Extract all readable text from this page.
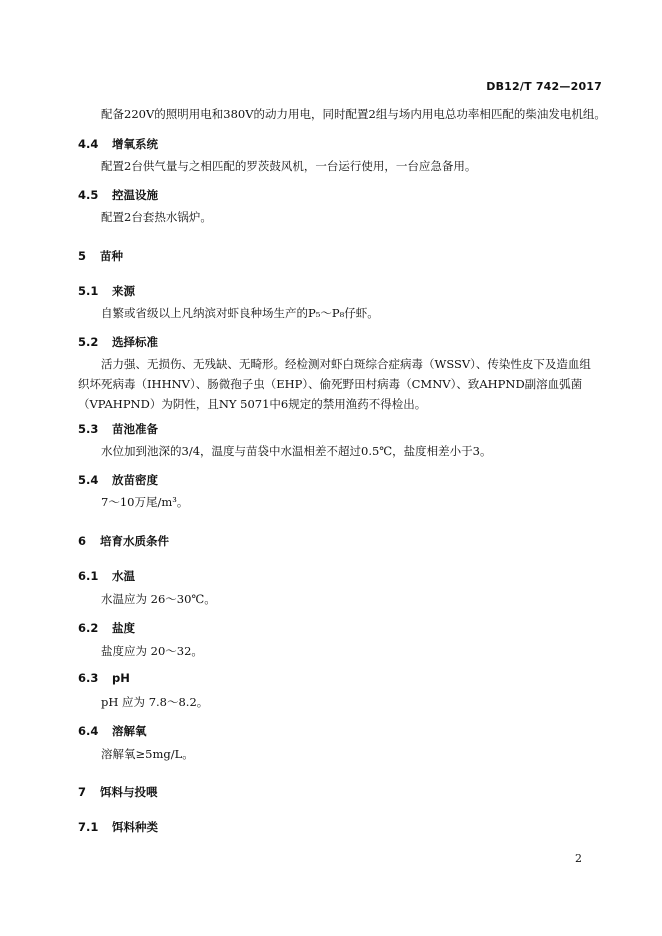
DB12/T 742—2017
配备220V的照明用电和380V的动力用电，同时配置2组与场内用电总功率相匹配的柴油发电机组。
4.4 增氧系统
配置2台供气量与之相匹配的罗茨鼓风机，一台运行使用，一台应急备用。
4.5 控温设施
配置2台套热水锅炉。
5 苗种
5.1 来源
自繁或省级以上凡纳滨对虾良种场生产的P₅～P₈仔虾。
5.2 选择标准
活力强、无损伤、无残缺、无畸形。经检测对虾白斑综合症病毒（WSSV）、传染性皮下及造血组织坏死病毒（IHHNV）、肠微孢子虫（EHP）、偷死野田村病毒（CMNV）、致AHPND副溶血弧菌（VPAHPND）为阴性，且NY 5071中6规定的禁用渔药不得检出。
5.3 苗池准备
水位加到池深的3/4，温度与苗袋中水温相差不超过0.5℃，盐度相差小于3。
5.4 放苗密度
7～10万尾/m³。
6 培育水质条件
6.1 水温
水温应为 26～30℃。
6.2 盐度
盐度应为 20～32。
6.3 pH
pH 应为 7.8～8.2。
6.4 溶解氧
溶解氧≥5mg/L。
7 饵料与投喂
7.1 饵料种类
2
